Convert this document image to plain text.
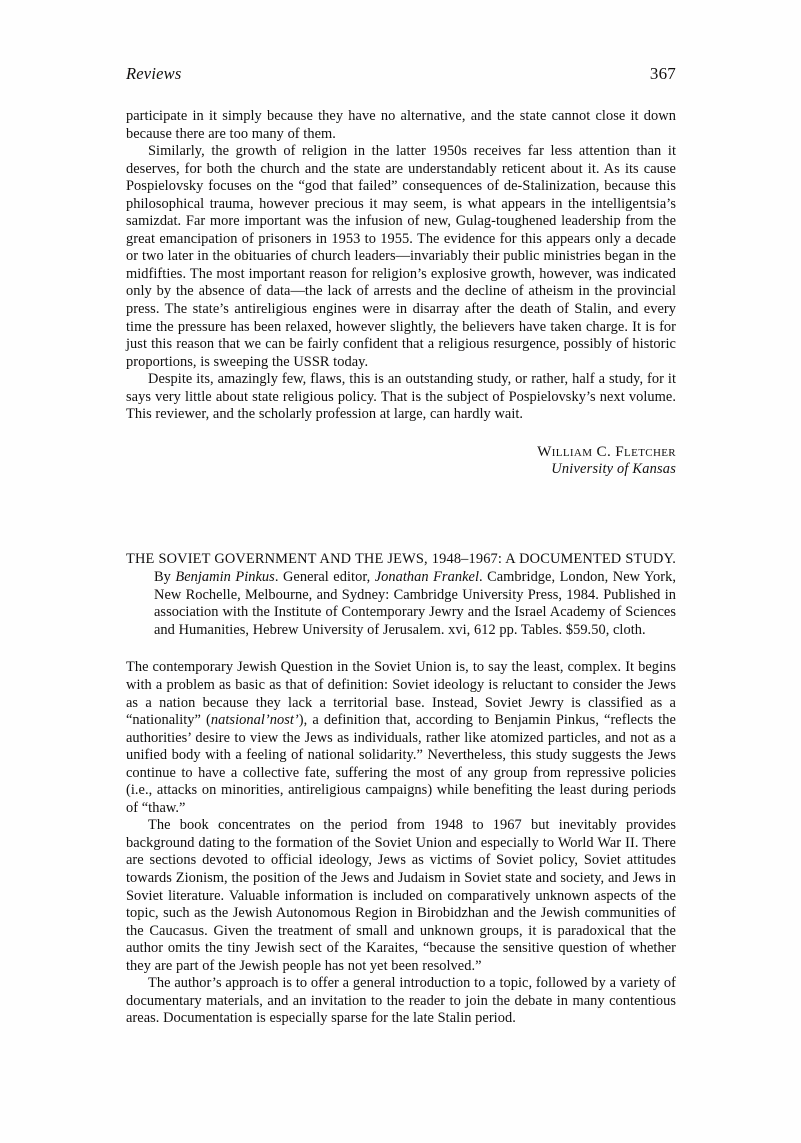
Reviews	367

participate in it simply because they have no alternative, and the state cannot close it down because there are too many of them.

Similarly, the growth of religion in the latter 1950s receives far less attention than it deserves, for both the church and the state are understandably reticent about it. As its cause Pospielovsky focuses on the “god that failed” consequences of de-Stalinization, because this philosophical trauma, however precious it may seem, is what appears in the intelligentsia’s samizdat. Far more important was the infusion of new, Gulag-toughened leadership from the great emancipation of prisoners in 1953 to 1955. The evidence for this appears only a decade or two later in the obituaries of church leaders—invariably their public ministries began in the midfifties. The most important reason for religion’s explosive growth, however, was indicated only by the absence of data—the lack of arrests and the decline of atheism in the provincial press. The state’s antireligious engines were in disarray after the death of Stalin, and every time the pressure has been relaxed, however slightly, the believers have taken charge. It is for just this reason that we can be fairly confident that a religious resurgence, possibly of historic proportions, is sweeping the USSR today.

Despite its, amazingly few, flaws, this is an outstanding study, or rather, half a study, for it says very little about state religious policy. That is the subject of Pospielovsky’s next volume. This reviewer, and the scholarly profession at large, can hardly wait.

William C. Fletcher
University of Kansas

THE SOVIET GOVERNMENT AND THE JEWS, 1948–1967: A DOCUMENTED STUDY. By Benjamin Pinkus. General editor, Jonathan Frankel. Cambridge, London, New York, New Rochelle, Melbourne, and Sydney: Cambridge University Press, 1984. Published in association with the Institute of Contemporary Jewry and the Israel Academy of Sciences and Humanities, Hebrew University of Jerusalem. xvi, 612 pp. Tables. $59.50, cloth.

The contemporary Jewish Question in the Soviet Union is, to say the least, complex. It begins with a problem as basic as that of definition: Soviet ideology is reluctant to consider the Jews as a nation because they lack a territorial base. Instead, Soviet Jewry is classified as a “nationality” (natsional’nost’), a definition that, according to Benjamin Pinkus, “reflects the authorities’ desire to view the Jews as individuals, rather like atomized particles, and not as a unified body with a feeling of national solidarity.” Nevertheless, this study suggests the Jews continue to have a collective fate, suffering the most of any group from repressive policies (i.e., attacks on minorities, antireligious campaigns) while benefiting the least during periods of “thaw.”

The book concentrates on the period from 1948 to 1967 but inevitably provides background dating to the formation of the Soviet Union and especially to World War II. There are sections devoted to official ideology, Jews as victims of Soviet policy, Soviet attitudes towards Zionism, the position of the Jews and Judaism in Soviet state and society, and Jews in Soviet literature. Valuable information is included on comparatively unknown aspects of the topic, such as the Jewish Autonomous Region in Birobidzhan and the Jewish communities of the Caucasus. Given the treatment of small and unknown groups, it is paradoxical that the author omits the tiny Jewish sect of the Karaites, “because the sensitive question of whether they are part of the Jewish people has not yet been resolved.”

The author’s approach is to offer a general introduction to a topic, followed by a variety of documentary materials, and an invitation to the reader to join the debate in many contentious areas. Documentation is especially sparse for the late Stalin period.
